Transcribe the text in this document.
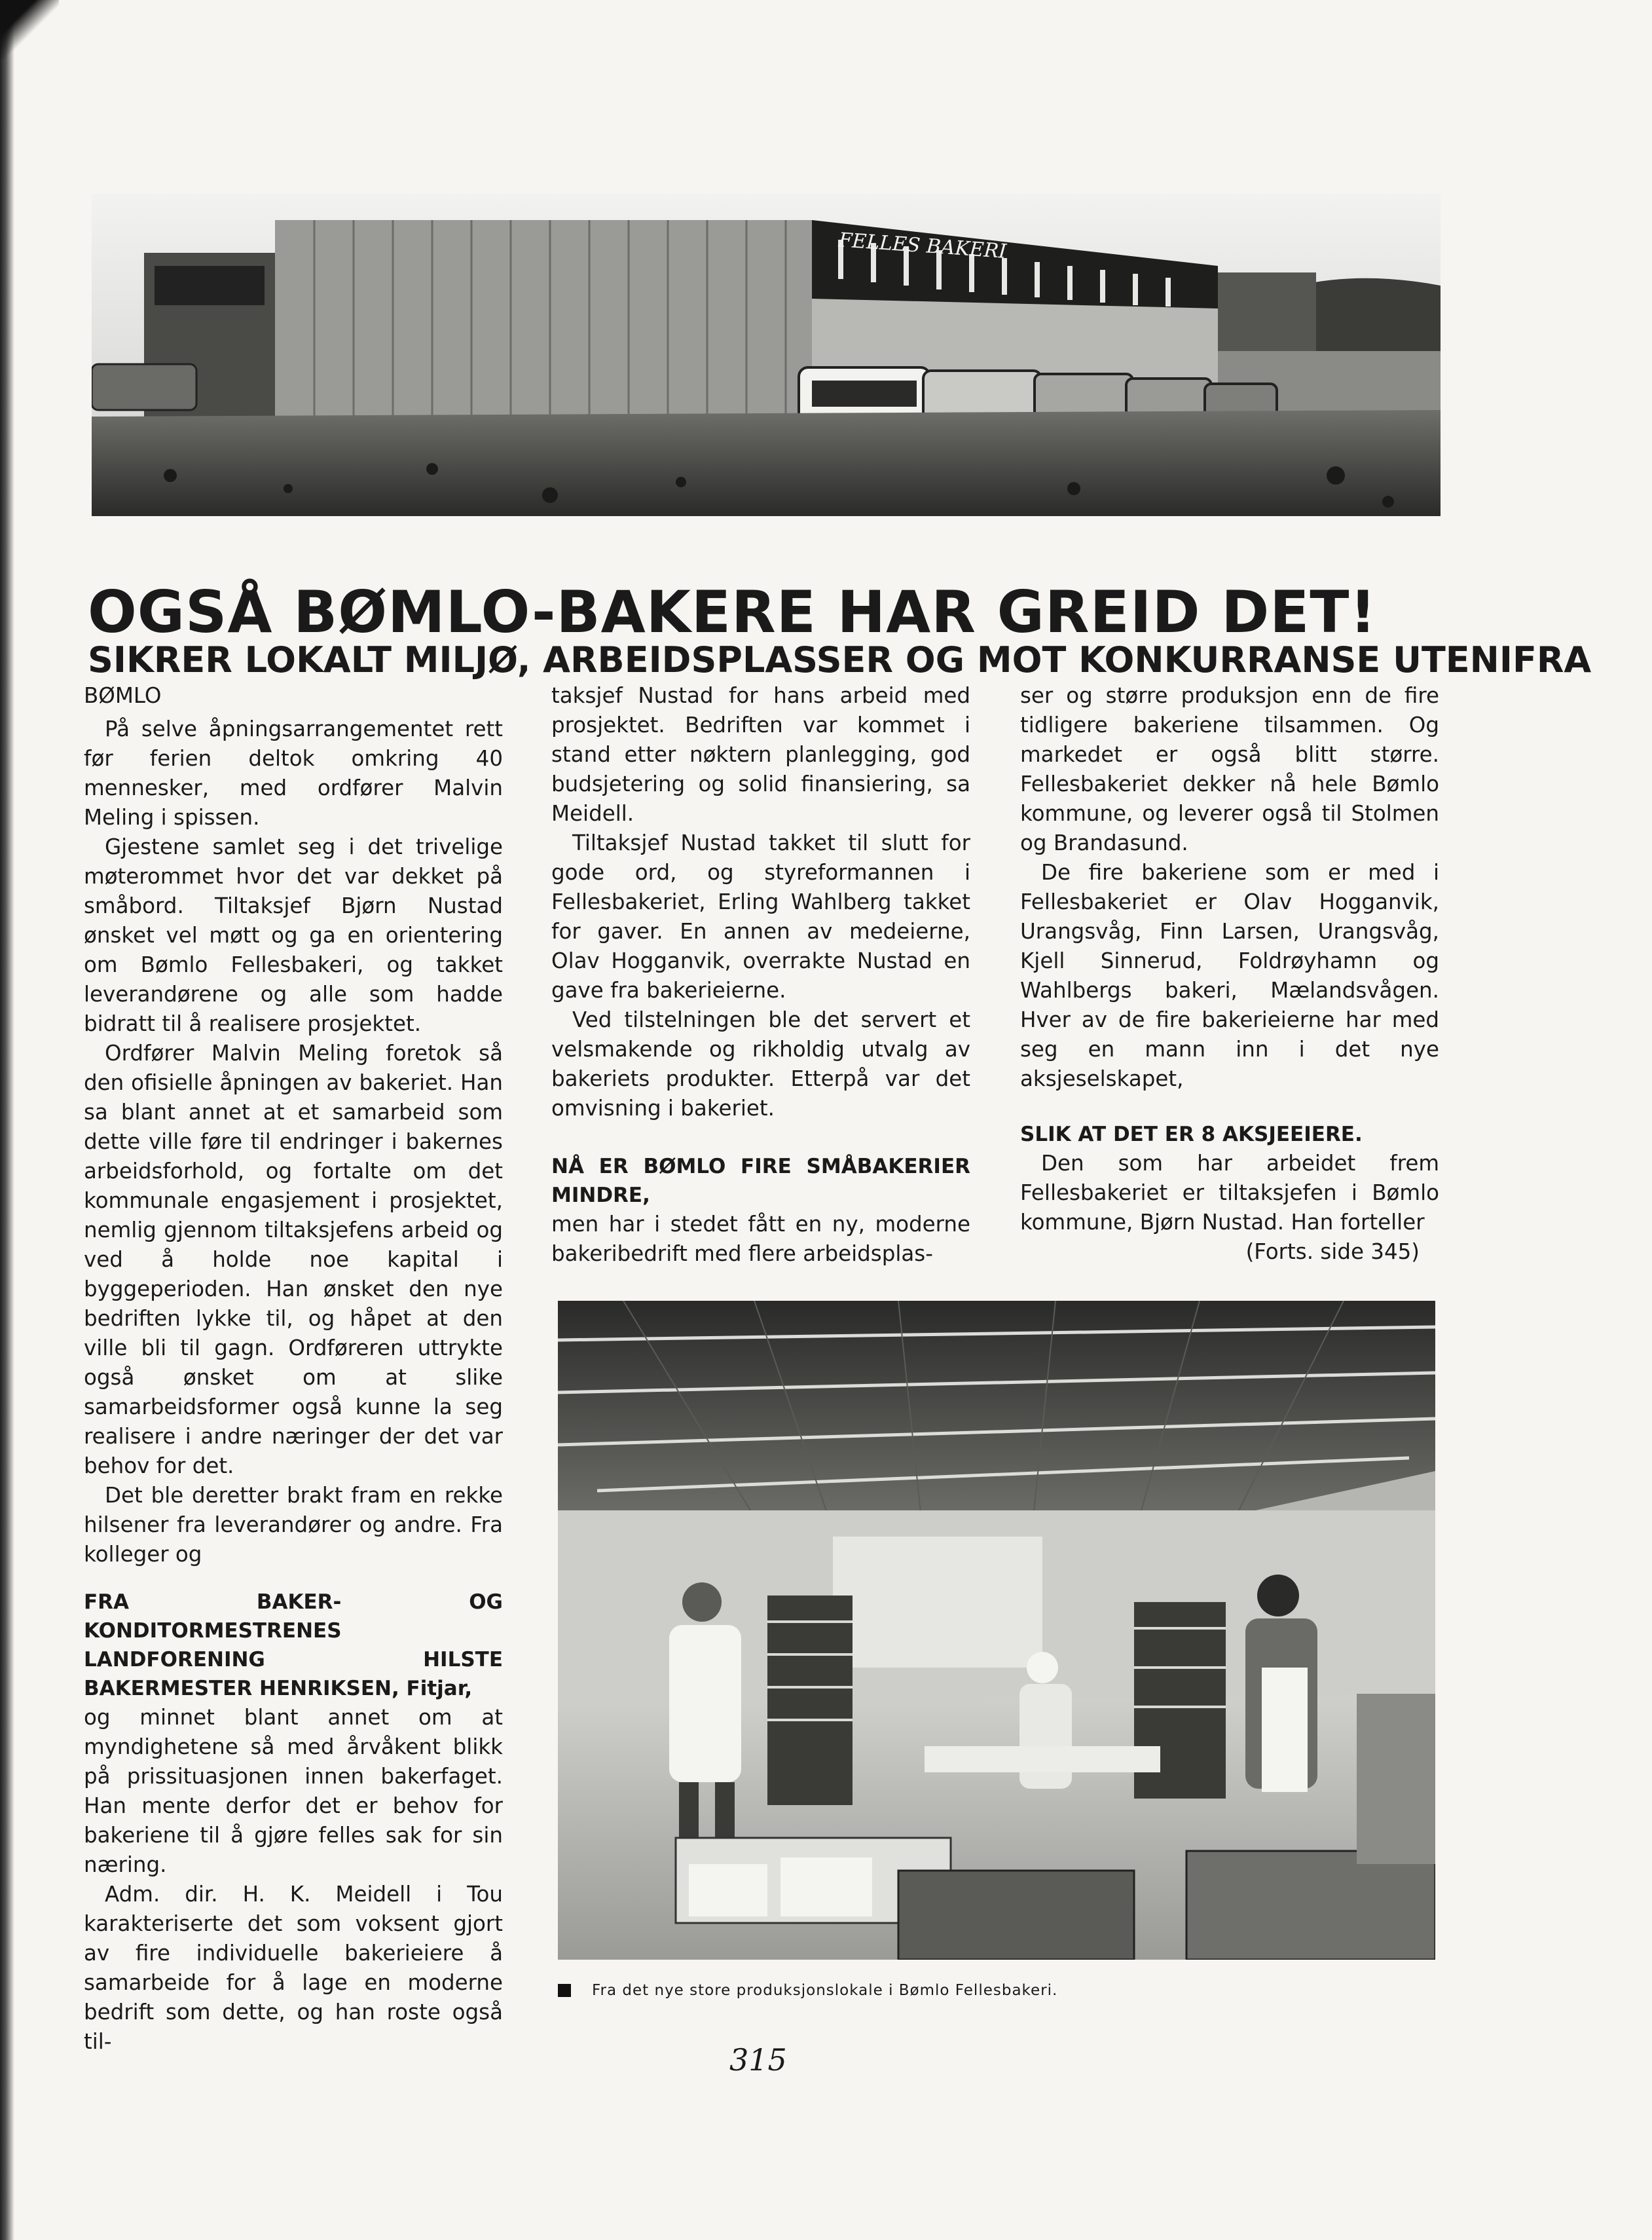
FELLES BAKERI
OGSÅ BØMLO-BAKERE HAR GREID DET!
SIKRER LOKALT MILJØ, ARBEIDSPLASSER OG MOT KONKURRANSE UTENIFRA

BØMLO

På selve åpningsarrangementet rett før ferien deltok omkring 40 mennesker, med ordfører Malvin Meling i spissen.

Gjestene samlet seg i det trivelige møterommet hvor det var dekket på småbord. Tiltaksjef Bjørn Nustad ønsket vel møtt og ga en orientering om Bømlo Fellesbakeri, og takket leverandørene og alle som hadde bidratt til å realisere prosjektet.

Ordfører Malvin Meling foretok så den ofisielle åpningen av bakeriet. Han sa blant annet at et samarbeid som dette ville føre til endringer i bakernes arbeidsforhold, og fortalte om det kommunale engasjement i prosjektet, nemlig gjennom tiltaksjefens arbeid og ved å holde noe kapital i byggeperioden. Han ønsket den nye bedriften lykke til, og håpet at den ville bli til gagn. Ordføreren uttrykte også ønsket om at slike samarbeidsformer også kunne la seg realisere i andre næringer der det var behov for det.

Det ble deretter brakt fram en rekke hilsener fra leverandører og andre. Fra kolleger og

FRA BAKER- OG KONDITORMESTRENES LANDFORENING HILSTE BAKERMESTER HENRIKSEN, Fitjar,

og minnet blant annet om at myndighetene så med årvåkent blikk på prissituasjonen innen bakerfaget. Han mente derfor det er behov for bakeriene til å gjøre felles sak for sin næring.

Adm. dir. H. K. Meidell i Tou karakteriserte det som voksent gjort av fire individuelle bakerieiere å samarbeide for å lage en moderne bedrift som dette, og han roste også til-

taksjef Nustad for hans arbeid med prosjektet. Bedriften var kommet i stand etter nøktern planlegging, god budsjetering og solid finansiering, sa Meidell.

Tiltaksjef Nustad takket til slutt for gode ord, og styreformannen i Fellesbakeriet, Erling Wahlberg takket for gaver. En annen av medeierne, Olav Hogganvik, overrakte Nustad en gave fra bakerieierne.

Ved tilstelningen ble det servert et velsmakende og rikholdig utvalg av bakeriets produkter. Etterpå var det omvisning i bakeriet.

NÅ ER BØMLO FIRE SMÅBAKERIER MINDRE,

men har i stedet fått en ny, moderne bakeribedrift med flere arbeidsplas-

ser og større produksjon enn de fire tidligere bakeriene tilsammen. Og markedet er også blitt større. Fellesbakeriet dekker nå hele Bømlo kommune, og leverer også til Stolmen og Brandasund.

De fire bakeriene som er med i Fellesbakeriet er Olav Hogganvik, Urangsvåg, Finn Larsen, Urangsvåg, Kjell Sinnerud, Foldrøyhamn og Wahlbergs bakeri, Mælandsvågen. Hver av de fire bakerieierne har med seg en mann inn i det nye aksjeselskapet,

SLIK AT DET ER 8 AKSJEEIERE.

Den som har arbeidet frem Fellesbakeriet er tiltaksjefen i Bømlo kommune, Bjørn Nustad. Han forteller

(Forts. side 345)

Fra det nye store produksjonslokale i Bømlo Fellesbakeri.
315
